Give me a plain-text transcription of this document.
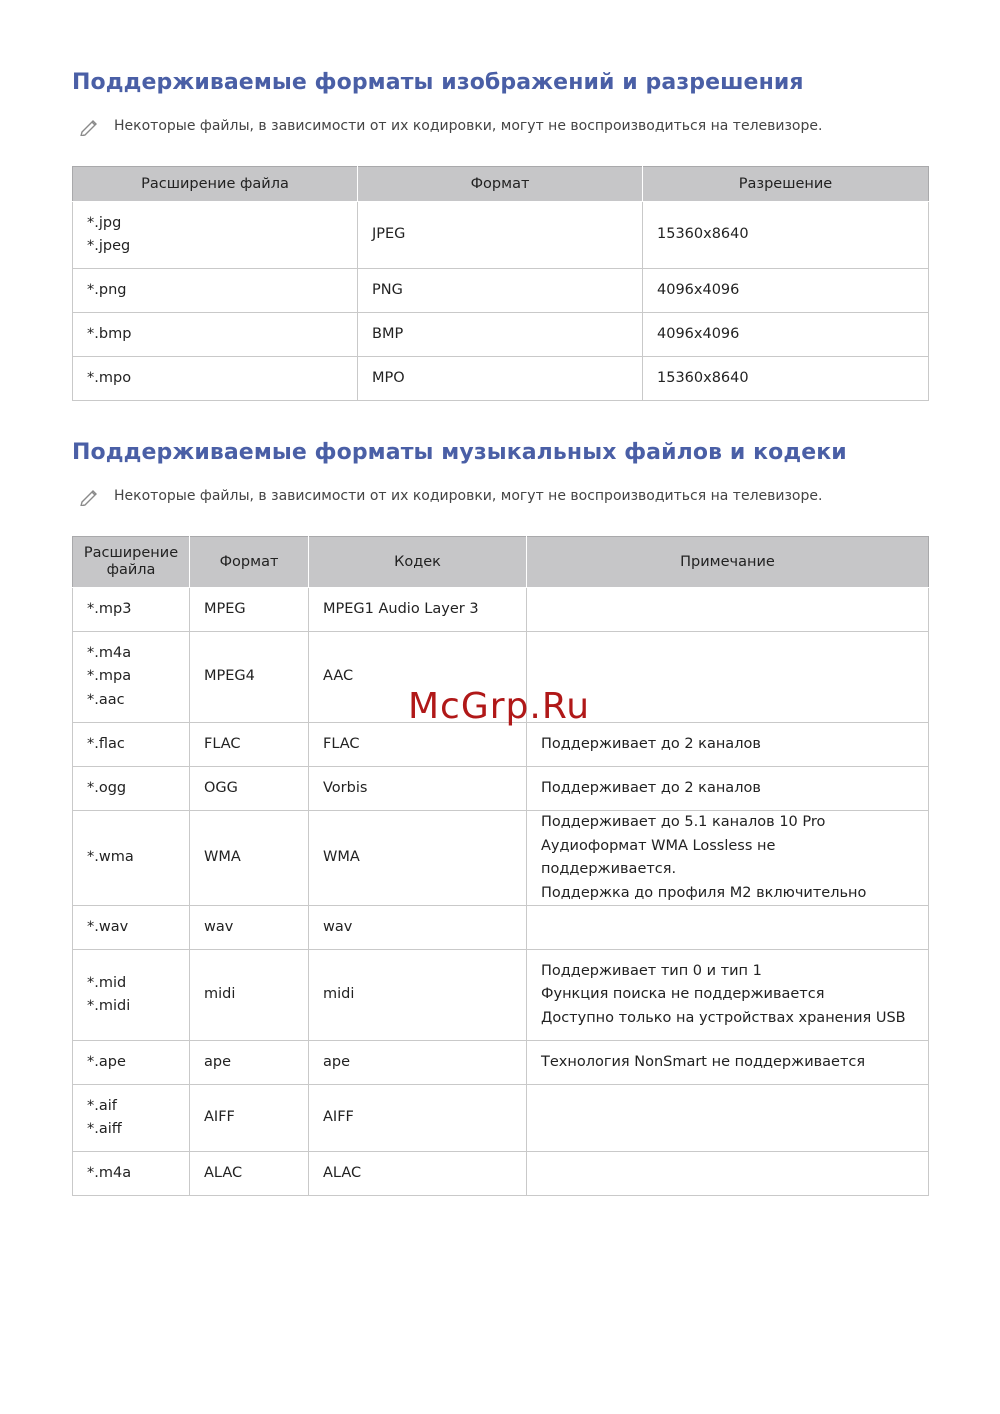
Поддерживаемые форматы изображений и разрешения
Некоторые файлы, в зависимости от их кодировки, могут не воспроизводиться на телевизоре.
Расширение файла	Формат	Разрешение

*.jpg
*.jpeg	JPEG	15360x8640

*.png	PNG	4096x4096

*.bmp	BMP	4096x4096

*.mpo	MPO	15360x8640
Поддерживаемые форматы музыкальных файлов и кодеки
Некоторые файлы, в зависимости от их кодировки, могут не воспроизводиться на телевизоре.
Расширение файла	Формат	Кодек	Примечание

*.mp3	MPEG	MPEG1 Audio Layer 3	

*.m4a
*.mpa
*.aac	MPEG4	AAC	

*.flac	FLAC	FLAC	Поддерживает до 2 каналов

*.ogg	OGG	Vorbis	Поддерживает до 2 каналов

*.wma	WMA	WMA	Поддерживает до 5.1 каналов 10 Pro
Аудиоформат WMA Lossless не поддерживается.
Поддержка до профиля M2 включительно

*.wav	wav	wav	

*.mid
*.midi	midi	midi	Поддерживает тип 0 и тип 1
Функция поиска не поддерживается
Доступно только на устройствах хранения USB

*.ape	ape	ape	Технология NonSmart не поддерживается

*.aif
*.aiff	AIFF	AIFF	

*.m4a	ALAC	ALAC	
McGrp.Ru
